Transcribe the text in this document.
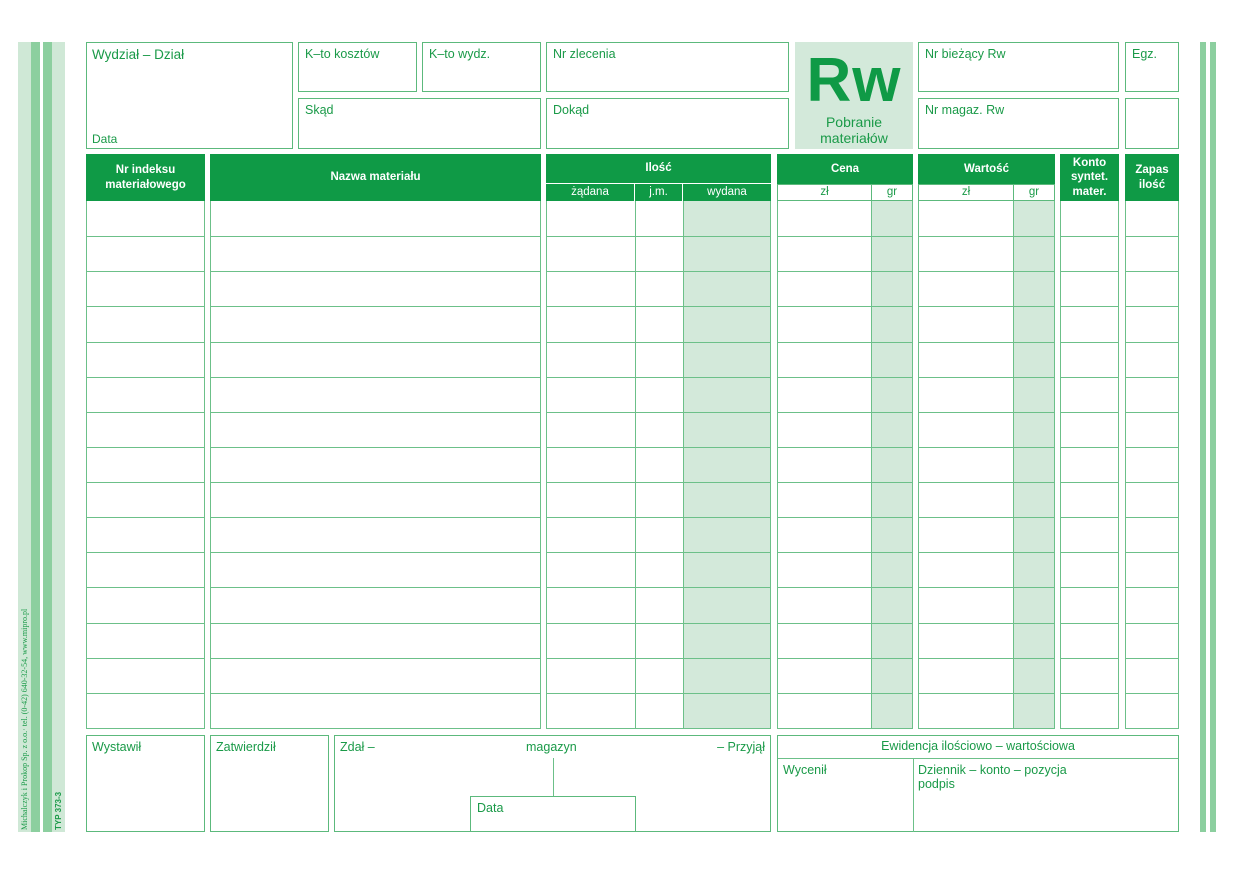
Michalczyk i Prokop Sp. z o.o.· tel. (0-42) 640-32-54, www.mipro.pl	TYP 373-3
Wydział – Dział
Data
K–to kosztów	K–to wydz.	Nr zlecenia
Skąd	Dokąd	Rw
Pobranie
materiałów
Nr bieżący Rw	Egz.
Nr magaz. Rw
Nr indeksu materiałowego
Nazwa materiału
Ilość
żądana	j.m.	wydana
Cena
zł	gr
Wartość
zł	gr
Konto syntet. mater.
Zapas ilość
Wystawił	Zatwierdził	Zdał –	magazyn	– Przyjął
Data
Ewidencja ilościowo – wartościowa
Wycenił	Dziennik – konto – pozycja
podpis
